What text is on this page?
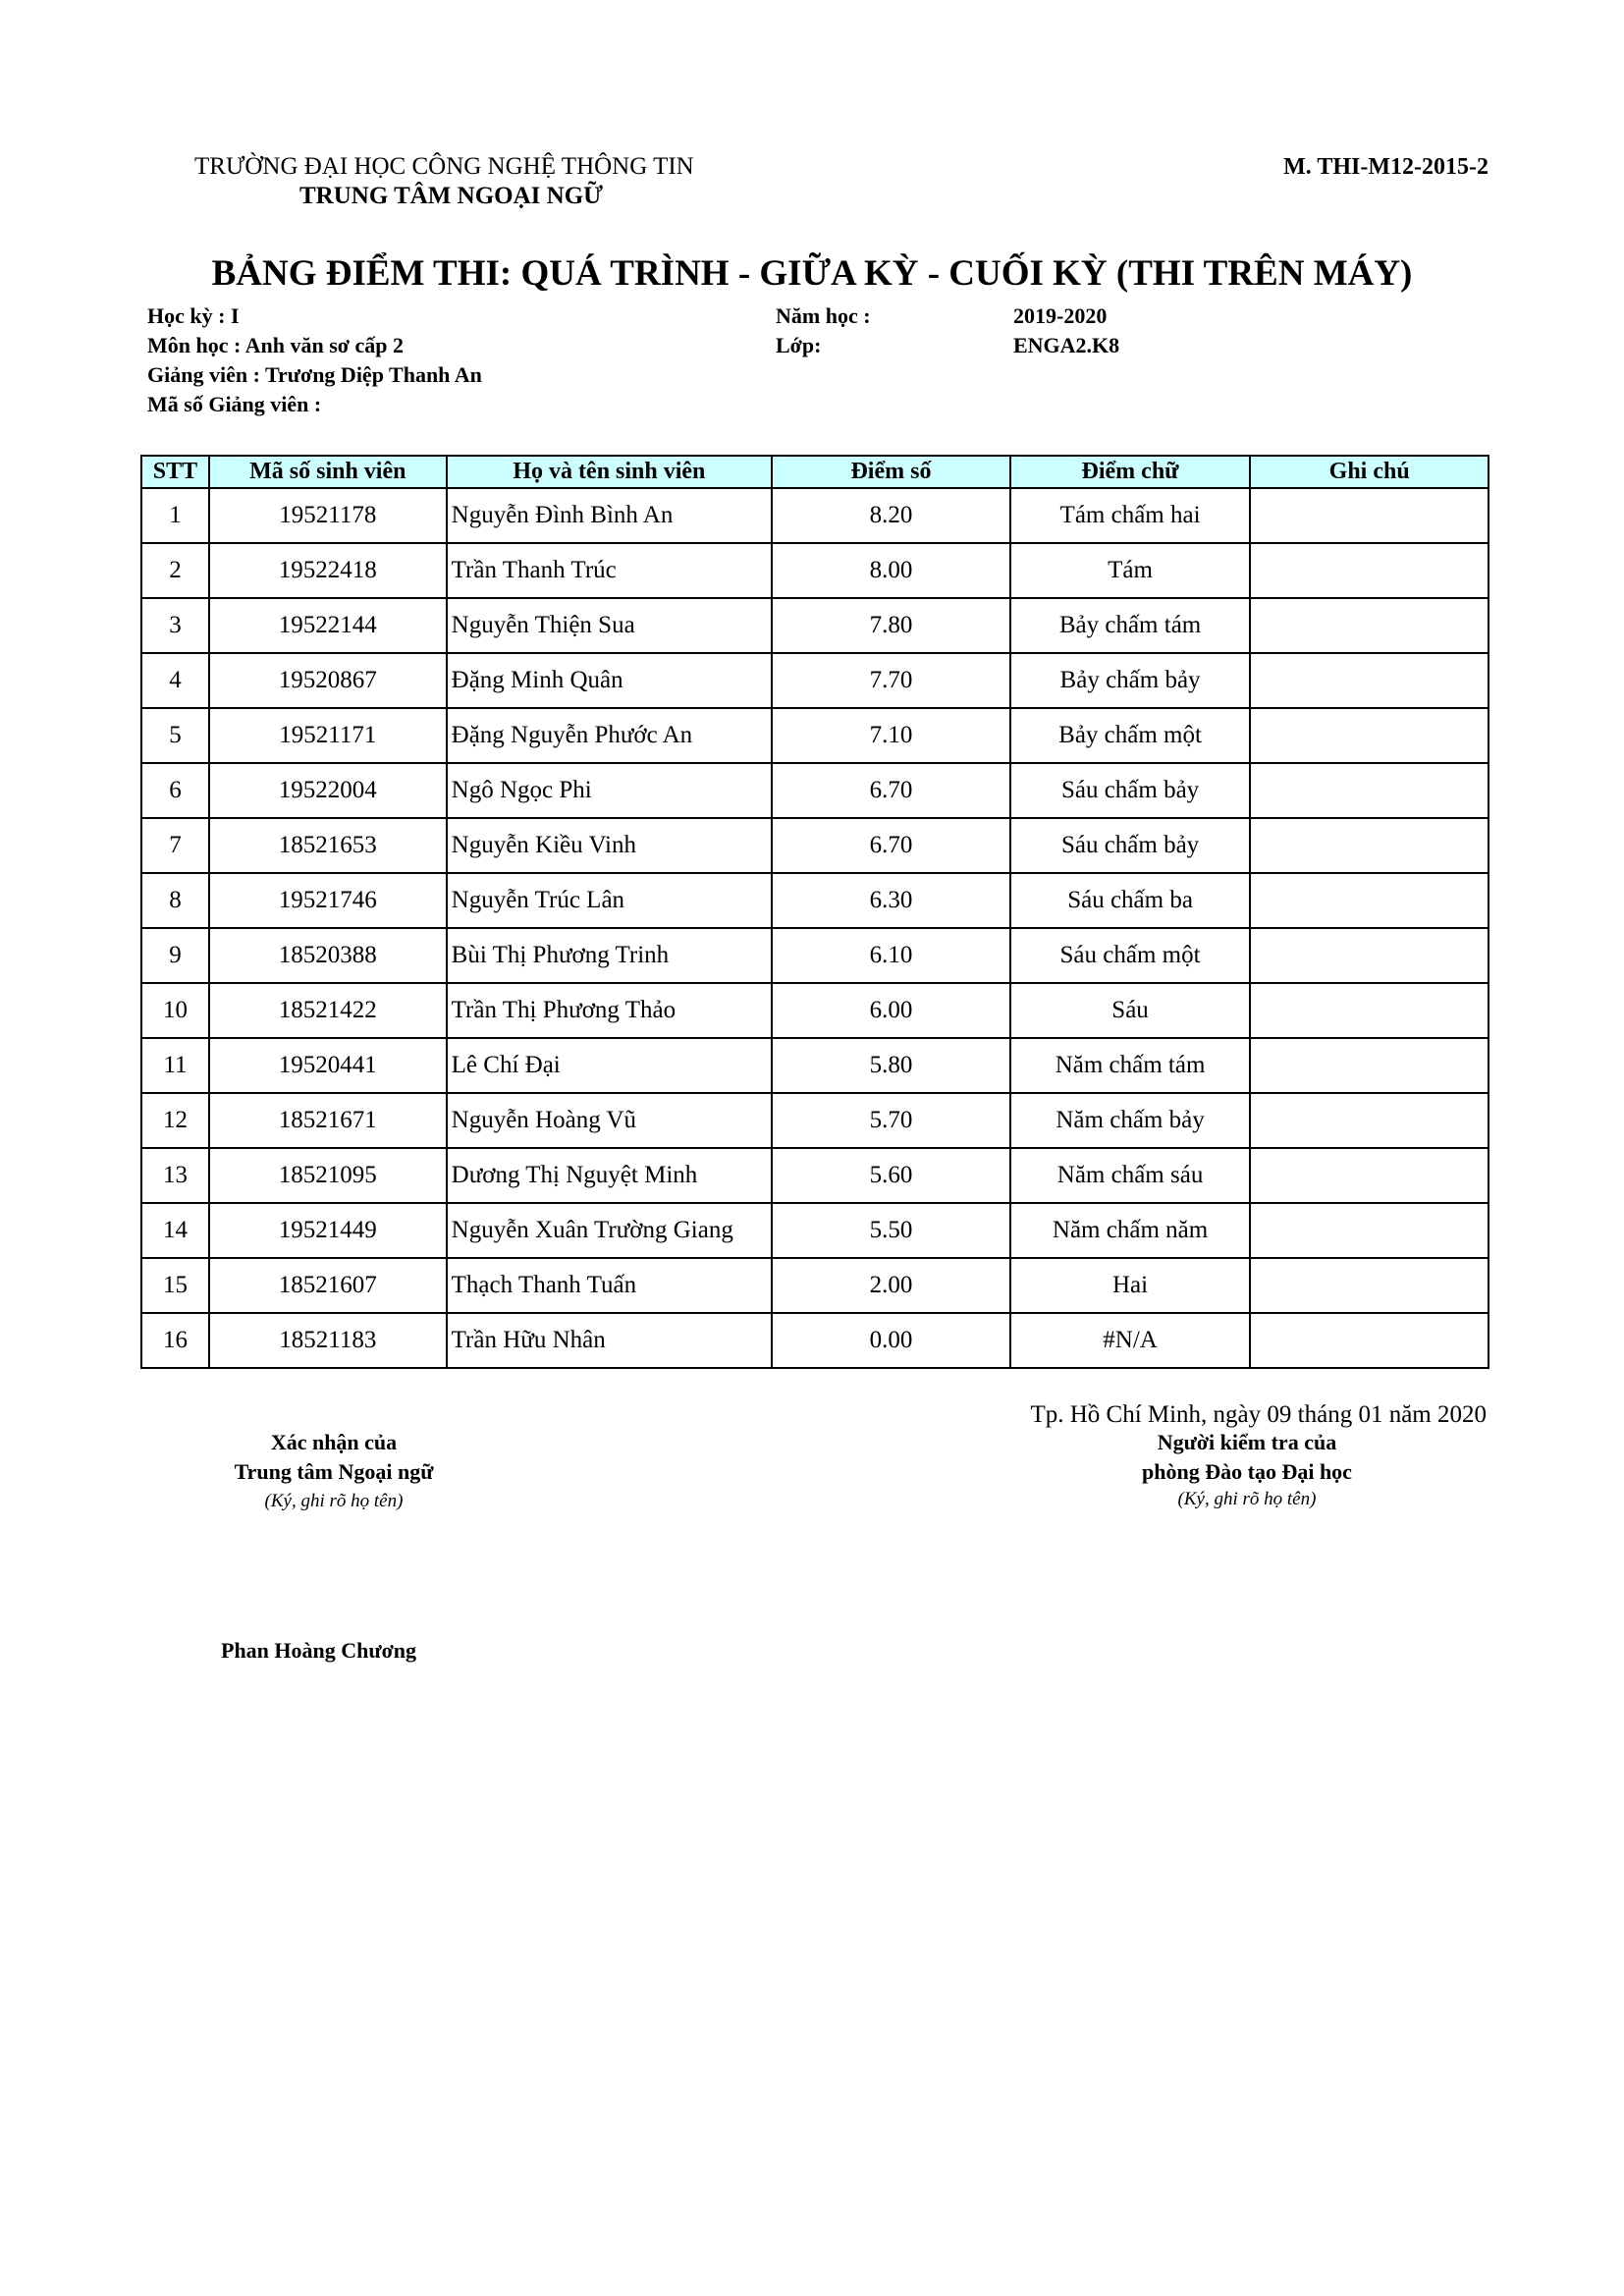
TRƯỜNG ĐẠI HỌC CÔNG NGHỆ THÔNG TIN
TRUNG TÂM NGOẠI NGỮ
M. THI-M12-2015-2
BẢNG ĐIỂM THI: QUÁ TRÌNH - GIỮA KỲ - CUỐI KỲ (THI TRÊN MÁY)
Học kỳ : I
Môn học : Anh văn sơ cấp 2
Giảng viên : Trương Diệp Thanh An
Mã số Giảng viên :
Năm học :	2019-2020
Lớp:	ENGA2.K8
STT	Mã số sinh viên	Họ và tên sinh viên	Điểm số	Điểm chữ	Ghi chú
1	19521178	Nguyễn Đình Bình An	8.20	Tám chấm hai	
2	19522418	Trần Thanh Trúc	8.00	Tám	
3	19522144	Nguyễn Thiện Sua	7.80	Bảy chấm tám	
4	19520867	Đặng Minh Quân	7.70	Bảy chấm bảy	
5	19521171	Đặng Nguyễn Phước An	7.10	Bảy chấm một	
6	19522004	Ngô Ngọc Phi	6.70	Sáu chấm bảy	
7	18521653	Nguyễn Kiều Vinh	6.70	Sáu chấm bảy	
8	19521746	Nguyễn Trúc Lân	6.30	Sáu chấm ba	
9	18520388	Bùi Thị Phương Trinh	6.10	Sáu chấm một	
10	18521422	Trần Thị Phương Thảo	6.00	Sáu	
11	19520441	Lê Chí Đại	5.80	Năm chấm tám	
12	18521671	Nguyễn Hoàng Vũ	5.70	Năm chấm bảy	
13	18521095	Dương Thị Nguyệt Minh	5.60	Năm chấm sáu	
14	19521449	Nguyễn Xuân Trường Giang	5.50	Năm chấm năm	
15	18521607	Thạch Thanh Tuấn	2.00	Hai	
16	18521183	Trần Hữu Nhân	0.00	#N/A	
Tp. Hồ Chí Minh, ngày 09 tháng 01 năm 2020
Xác nhận của
Trung tâm Ngoại ngữ
(Ký, ghi rõ họ tên)
Người kiểm tra của
phòng Đào tạo Đại học
(Ký, ghi rõ họ tên)
Phan Hoàng Chương
